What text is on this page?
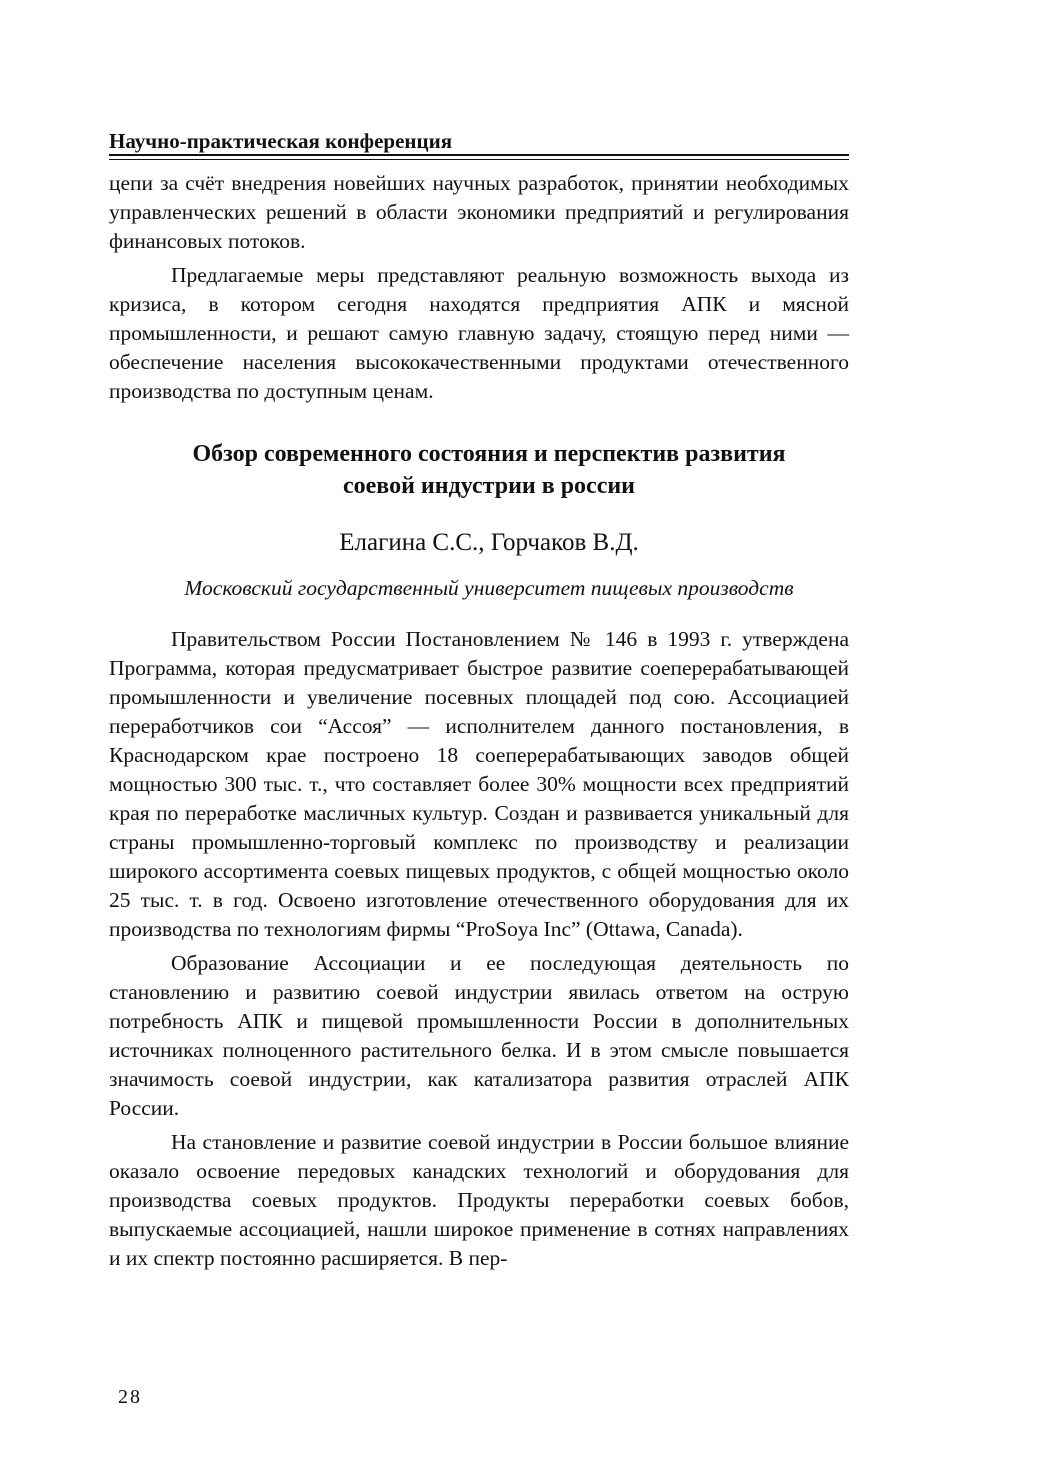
Научно-практическая конференция

цепи за счёт внедрения новейших научных разработок, принятии необходимых управленческих решений в области экономики предприятий и регулирования финансовых потоков.

Предлагаемые меры представляют реальную возможность выхода из кризиса, в котором сегодня находятся предприятия АПК и мясной промышленности, и решают самую главную задачу, стоящую перед ними — обеспечение населения высококачественными продуктами отечественного производства по доступным ценам.

Обзор современного состояния и перспектив развития
соевой индустрии в россии
Елагина С.С., Горчаков В.Д.
Московский государственный университет пищевых производств

Правительством России Постановлением № 146 в 1993 г. утверждена Программа, которая предусматривает быстрое развитие соеперерабатывающей промышленности и увеличение посевных площадей под сою. Ассоциацией переработчиков сои “Ассоя” — исполнителем данного постановления, в Краснодарском крае построено 18 соеперерабатывающих заводов общей мощностью 300 тыс. т., что составляет более 30% мощности всех предприятий края по переработке масличных культур. Создан и развивается уникальный для страны промышленно-торговый комплекс по производству и реализации широкого ассортимента соевых пищевых продуктов, с общей мощностью около 25 тыс. т. в год. Освоено изготовление отечественного оборудования для их производства по технологиям фирмы “ProSoya Inc” (Ottawa, Canada).

Образование Ассоциации и ее последующая деятельность по становлению и развитию соевой индустрии явилась ответом на острую потребность АПК и пищевой промышленности России в дополнительных источниках полноценного растительного белка. И в этом смысле повышается значимость соевой индустрии, как катализатора развития отраслей АПК России.

На становление и развитие соевой индустрии в России большое влияние оказало освоение передовых канадских технологий и оборудования для производства соевых продуктов. Продукты переработки соевых бобов, выпускаемые ассоциацией, нашли широкое применение в сотнях направлениях и их спектр постоянно расширяется. В пер-

28
